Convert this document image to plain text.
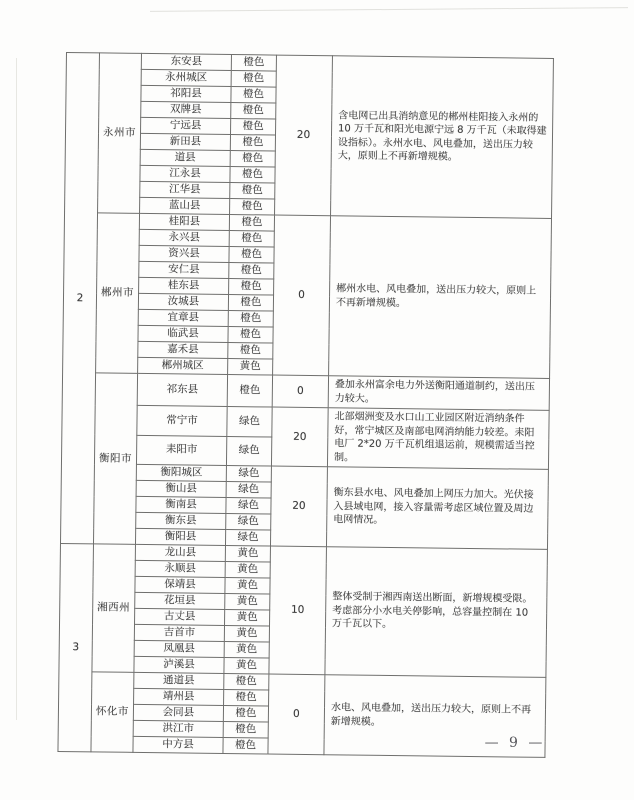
2	永州市	东安县	橙色	20	含电网已出具消纳意见的郴州桂阳接入永州的 10 万千瓦和阳光电源宁远 8 万千瓦（未取得建设指标）。永州水电、风电叠加，送出压力较大，原则上不再新增规模。
		永州城区	橙色		
		祁阳县	橙色		
		双牌县	橙色		
		宁远县	橙色		
		新田县	橙色		
		道县	橙色		
		江永县	橙色		
		江华县	橙色		
		蓝山县	橙色		
	郴州市	桂阳县	橙色	0	郴州水电、风电叠加，送出压力较大，原则上不再新增规模。
		永兴县	橙色		
		资兴县	橙色		
		安仁县	橙色		
		桂东县	橙色		
		汝城县	橙色		
		宜章县	橙色		
		临武县	橙色		
		嘉禾县	橙色		
		郴州城区	黄色		
	衡阳市	祁东县	橙色	0	叠加永州富余电力外送衡阳通道制约，送出压力较大。
		常宁市	绿色	20	北部烟洲变及水口山工业园区附近消纳条件好，常宁城区及南部电网消纳能力较差。耒阳电厂 2*20 万千瓦机组退运前，规模需适当控制。
		耒阳市	绿色		
		衡阳城区	绿色	20	衡东县水电、风电叠加上网压力加大。光伏接入县域电网，接入容量需考虑区域位置及周边电网情况。
		衡山县	绿色		
		衡南县	绿色		
		衡东县	绿色		
		衡阳县	绿色		
3	湘西州	龙山县	黄色	10	整体受制于湘西南送出断面，新增规模受限。考虑部分小水电关停影响，总容量控制在 10 万千瓦以下。
		永顺县	黄色		
		保靖县	黄色		
		花垣县	黄色		
		古丈县	黄色		
		吉首市	黄色		
		凤凰县	黄色		
		泸溪县	黄色		
	怀化市	通道县	橙色	0	水电、风电叠加，送出压力较大，原则上不再新增规模。
		靖州县	橙色		
		会同县	橙色		
		洪江市	橙色		
		中方县	橙色			— 9 —
